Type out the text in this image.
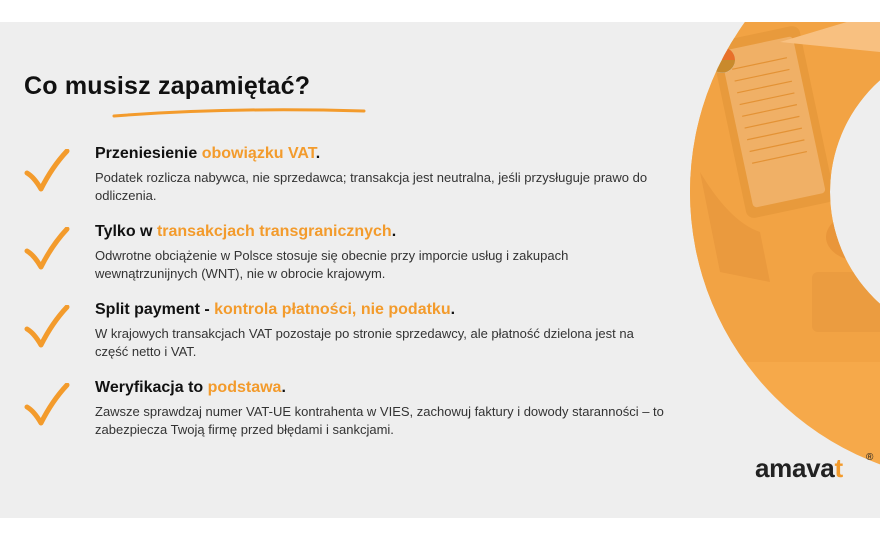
Co musisz zapamiętać?
Przeniesienie obowiązku VAT.
Podatek rozlicza nabywca, nie sprzedawca; transakcja jest neutralna, jeśli przysługuje prawo do odliczenia.
Tylko w transakcjach transgranicznych.
Odwrotne obciążenie w Polsce stosuje się obecnie przy imporcie usług i zakupach wewnątrzunijnych (WNT), nie w obrocie krajowym.
Split payment - kontrola płatności, nie podatku.
W krajowych transakcjach VAT pozostaje po stronie sprzedawcy, ale płatność dzielona jest na część netto i VAT.
Weryfikacja to podstawa.
Zawsze sprawdzaj numer VAT-UE kontrahenta w VIES, zachowuj faktury i dowody staranności – to zabezpiecza Twoją firmę przed błędami i sankcjami.
amavat ®
